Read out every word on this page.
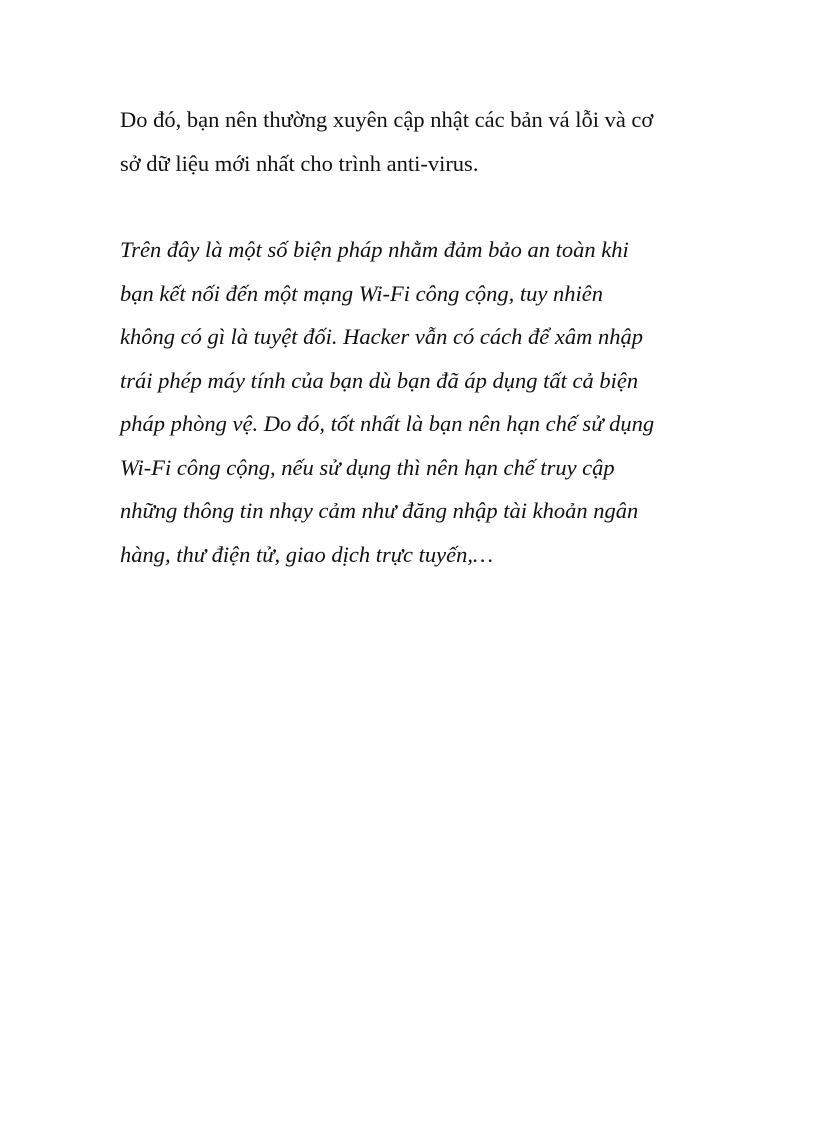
Do đó, bạn nên thường xuyên cập nhật các bản vá lỗi và cơ
sở dữ liệu mới nhất cho trình anti-virus.

Trên đây là một số biện pháp nhằm đảm bảo an toàn khi
bạn kết nối đến một mạng Wi-Fi công cộng, tuy nhiên
không có gì là tuyệt đối. Hacker vẫn có cách để xâm nhập
trái phép máy tính của bạn dù bạn đã áp dụng tất cả biện
pháp phòng vệ. Do đó, tốt nhất là bạn nên hạn chế sử dụng
Wi-Fi công cộng, nếu sử dụng thì nên hạn chế truy cập
những thông tin nhạy cảm như đăng nhập tài khoản ngân
hàng, thư điện tử, giao dịch trực tuyến,…
